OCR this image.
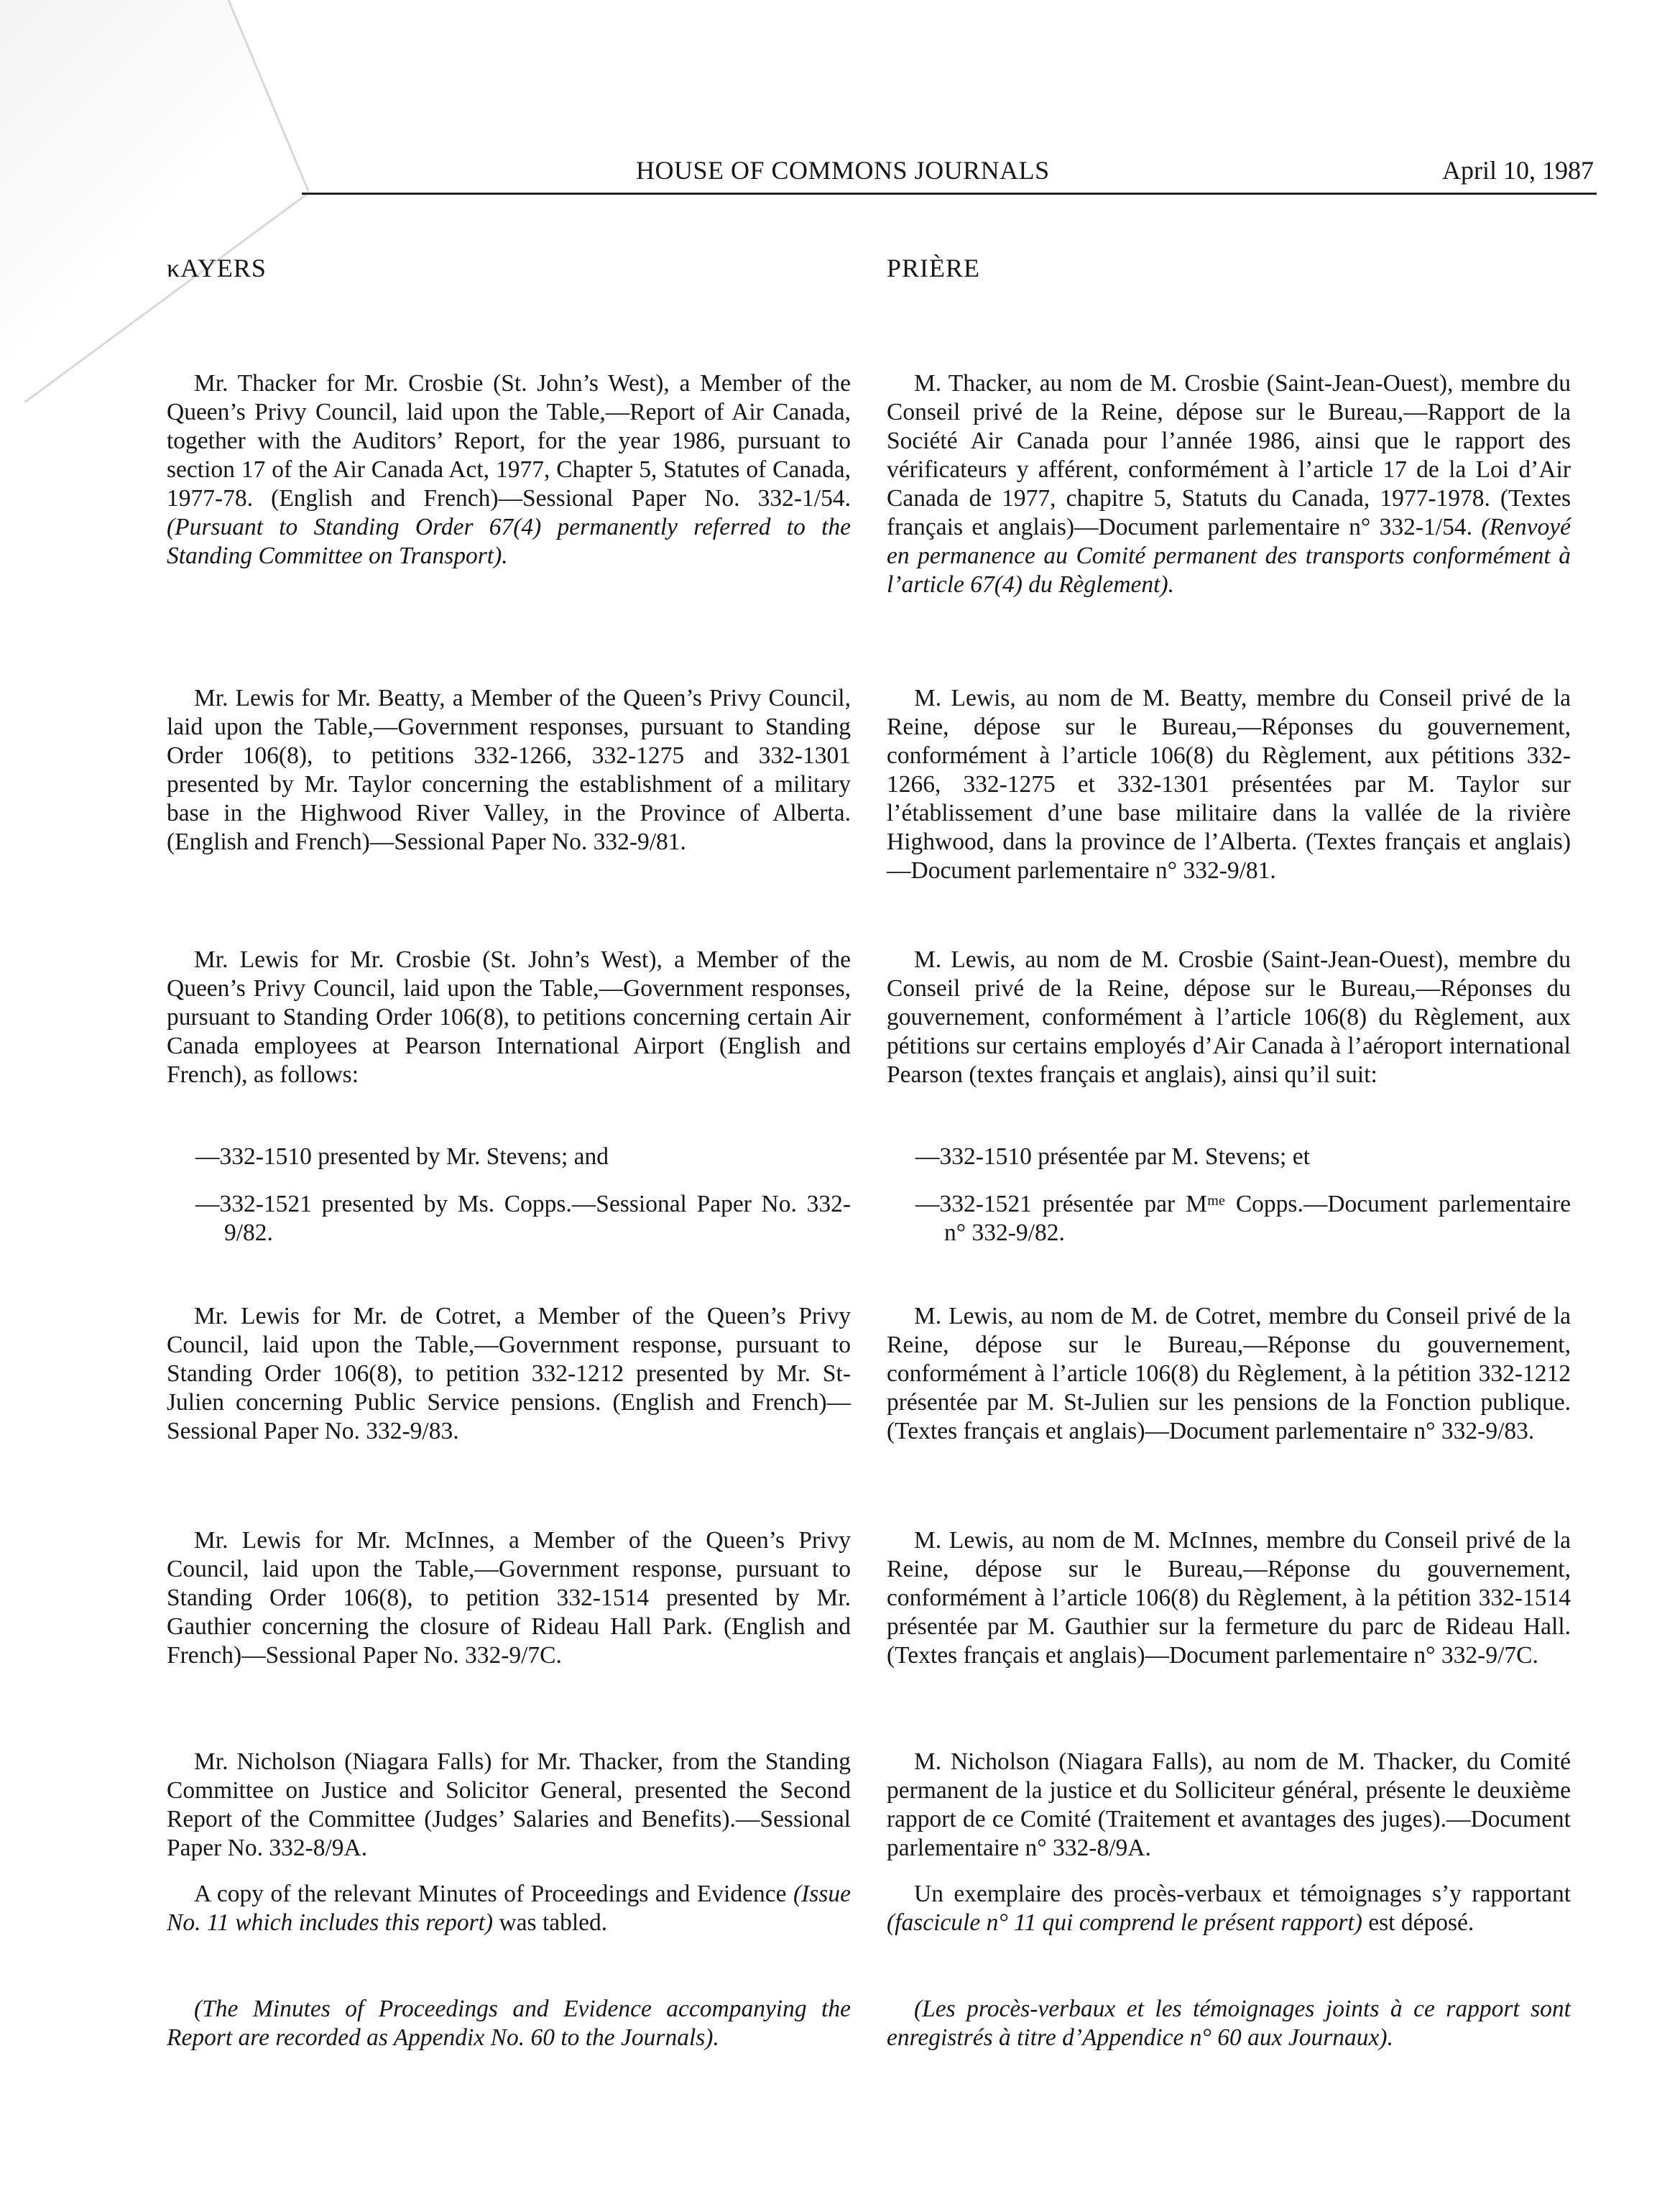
HOUSE OF COMMONS JOURNALS	April 10, 1987
κAYERS

Mr. Thacker for Mr. Crosbie (St. John’s West), a Member of the Queen’s Privy Council, laid upon the Table,—Report of Air Canada, together with the Auditors’ Report, for the year 1986, pursuant to section 17 of the Air Canada Act, 1977, Chapter 5, Statutes of Canada, 1977-78. (English and French)—Sessional Paper No. 332-1/54. (Pursuant to Standing Order 67(4) permanently referred to the Standing Committee on Transport).

Mr. Lewis for Mr. Beatty, a Member of the Queen’s Privy Council, laid upon the Table,—Government responses, pursuant to Standing Order 106(8), to petitions 332-1266, 332-1275 and 332-1301 presented by Mr. Taylor concerning the establishment of a military base in the Highwood River Valley, in the Province of Alberta. (English and French)—Sessional Paper No. 332-9/81.

Mr. Lewis for Mr. Crosbie (St. John’s West), a Member of the Queen’s Privy Council, laid upon the Table,—Government responses, pursuant to Standing Order 106(8), to petitions concerning certain Air Canada employees at Pearson International Airport (English and French), as follows:

—332-1510 presented by Mr. Stevens; and

—332-1521 presented by Ms. Copps.—Sessional Paper No. 332-9/82.

Mr. Lewis for Mr. de Cotret, a Member of the Queen’s Privy Council, laid upon the Table,—Government response, pursuant to Standing Order 106(8), to petition 332-1212 presented by Mr. St-Julien concerning Public Service pensions. (English and French)—Sessional Paper No. 332-9/83.

Mr. Lewis for Mr. McInnes, a Member of the Queen’s Privy Council, laid upon the Table,—Government response, pursuant to Standing Order 106(8), to petition 332-1514 presented by Mr. Gauthier concerning the closure of Rideau Hall Park. (English and French)—Sessional Paper No. 332-9/7C.

Mr. Nicholson (Niagara Falls) for Mr. Thacker, from the Standing Committee on Justice and Solicitor General, presented the Second Report of the Committee (Judges’ Salaries and Benefits).—Sessional Paper No. 332-8/9A.

A copy of the relevant Minutes of Proceedings and Evidence (Issue No. 11 which includes this report) was tabled.

(The Minutes of Proceedings and Evidence accompanying the Report are recorded as Appendix No. 60 to the Journals).

PRIÈRE

M. Thacker, au nom de M. Crosbie (Saint-Jean-Ouest), membre du Conseil privé de la Reine, dépose sur le Bureau,—Rapport de la Société Air Canada pour l’année 1986, ainsi que le rapport des vérificateurs y afférent, conformément à l’article 17 de la Loi d’Air Canada de 1977, chapitre 5, Statuts du Canada, 1977-1978. (Textes français et anglais)—Document parlementaire n° 332-1/54. (Renvoyé en permanence au Comité permanent des transports conformément à l’article 67(4) du Règlement).

M. Lewis, au nom de M. Beatty, membre du Conseil privé de la Reine, dépose sur le Bureau,—Réponses du gouvernement, conformément à l’article 106(8) du Règlement, aux pétitions 332-1266, 332-1275 et 332-1301 présentées par M. Taylor sur l’établissement d’une base militaire dans la vallée de la rivière Highwood, dans la province de l’Alberta. (Textes français et anglais)—Document parlementaire n° 332-9/81.

M. Lewis, au nom de M. Crosbie (Saint-Jean-Ouest), membre du Conseil privé de la Reine, dépose sur le Bureau,—Réponses du gouvernement, conformément à l’article 106(8) du Règlement, aux pétitions sur certains employés d’Air Canada à l’aéroport international Pearson (textes français et anglais), ainsi qu’il suit:

—332-1510 présentée par M. Stevens; et

—332-1521 présentée par Mᵐᵉ Copps.—Document parlementaire n° 332-9/82.

M. Lewis, au nom de M. de Cotret, membre du Conseil privé de la Reine, dépose sur le Bureau,—Réponse du gouvernement, conformément à l’article 106(8) du Règlement, à la pétition 332-1212 présentée par M. St-Julien sur les pensions de la Fonction publique. (Textes français et anglais)—Document parlementaire n° 332-9/83.

M. Lewis, au nom de M. McInnes, membre du Conseil privé de la Reine, dépose sur le Bureau,—Réponse du gouvernement, conformément à l’article 106(8) du Règlement, à la pétition 332-1514 présentée par M. Gauthier sur la fermeture du parc de Rideau Hall. (Textes français et anglais)—Document parlementaire n° 332-9/7C.

M. Nicholson (Niagara Falls), au nom de M. Thacker, du Comité permanent de la justice et du Solliciteur général, présente le deuxième rapport de ce Comité (Traitement et avantages des juges).—Document parlementaire n° 332-8/9A.

Un exemplaire des procès-verbaux et témoignages s’y rapportant (fascicule n° 11 qui comprend le présent rapport) est déposé.

(Les procès-verbaux et les témoignages joints à ce rapport sont enregistrés à titre d’Appendice n° 60 aux Journaux).
